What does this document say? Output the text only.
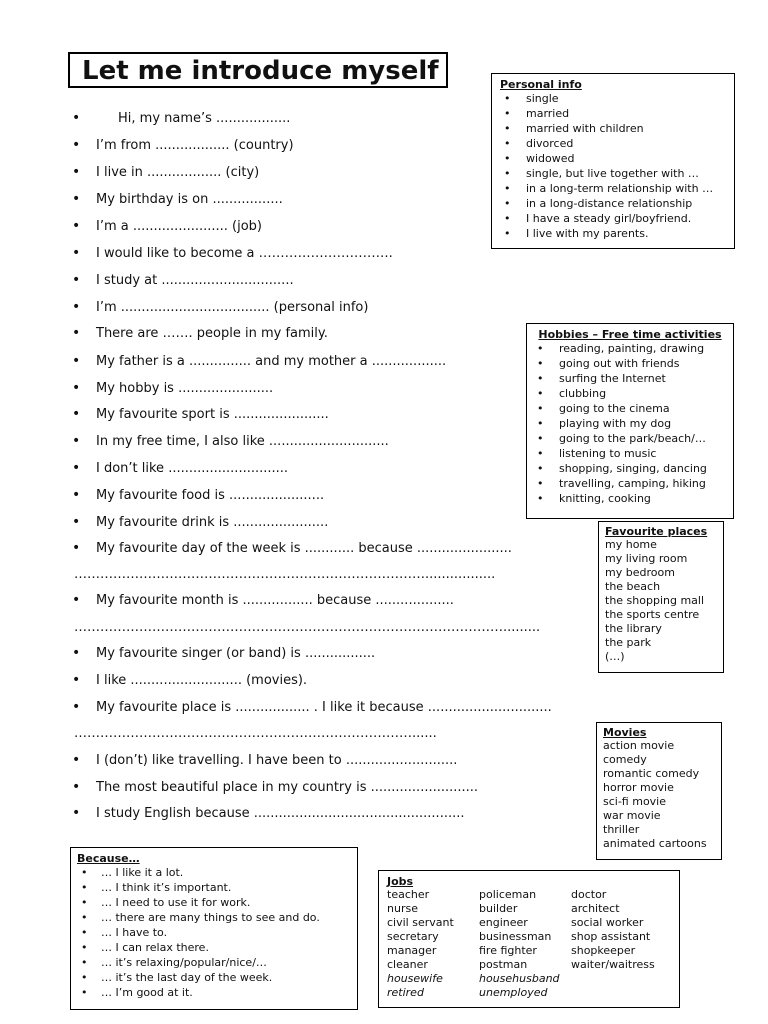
Let me introduce myself
•	Hi, my name’s ..................
• I’m from .................. (country)
• I live in .................. (city)
• My birthday is on .................
• I’m a ....................... (job)
• I would like to become a ………………………….
• I study at ................................
• I’m .................................... (personal info)
• There are ……. people in my family.
• My father is a ............... and my mother a ..................
• My hobby is .......................
• My favourite sport is .......................
• In my free time, I also like .............................
• I don’t like .............................
• My favourite food is .......................
• My favourite drink is .......................
• My favourite day of the week is ............ because .......................
• My favourite month is ................. because ...................
• My favourite singer (or band) is .................
• I like ........................... (movies).
• My favourite place is .................. . I like it because ..............................
• I (don’t) like travelling. I have been to ...........................
• The most beautiful place in my country is ..........................
• I study English because ...................................................
……………………………………………………………………….................
……………………………………………………………………………………….........
……………………………………………………………………......
Personal info
• single
• married
• married with children
• divorced
• widowed
• single, but live together with …
• in a long-term relationship with …
• in a long-distance relationship
• I have a steady girl/boyfriend.
• I live with my parents.
Hobbies – Free time activities
• reading, painting, drawing
• going out with friends
• surfing the Internet
• clubbing
• going to the cinema
• playing with my dog
• going to the park/beach/…
• listening to music
• shopping, singing, dancing
• travelling, camping, hiking
• knitting, cooking
Favourite places
my home
my living room
my bedroom
the beach
the shopping mall
the sports centre
the library
the park
(…)
Movies
action movie
comedy
romantic comedy
horror movie
sci-fi movie
war movie
thriller
animated cartoons
Because…
• … I like it a lot.
• … I think it’s important.
• … I need to use it for work.
• … there are many things to see and do.
• … I have to.
• … I can relax there.
• … it’s relaxing/popular/nice/…
• … it’s the last day of the week.
• … I’m good at it.
Jobs
teacher	policeman	doctor
nurse	builder	architect
civil servant	engineer	social worker
secretary	businessman	shop assistant
manager	fire fighter	shopkeeper
cleaner	postman	waiter/waitress
housewife	househusband
retired	unemployed
